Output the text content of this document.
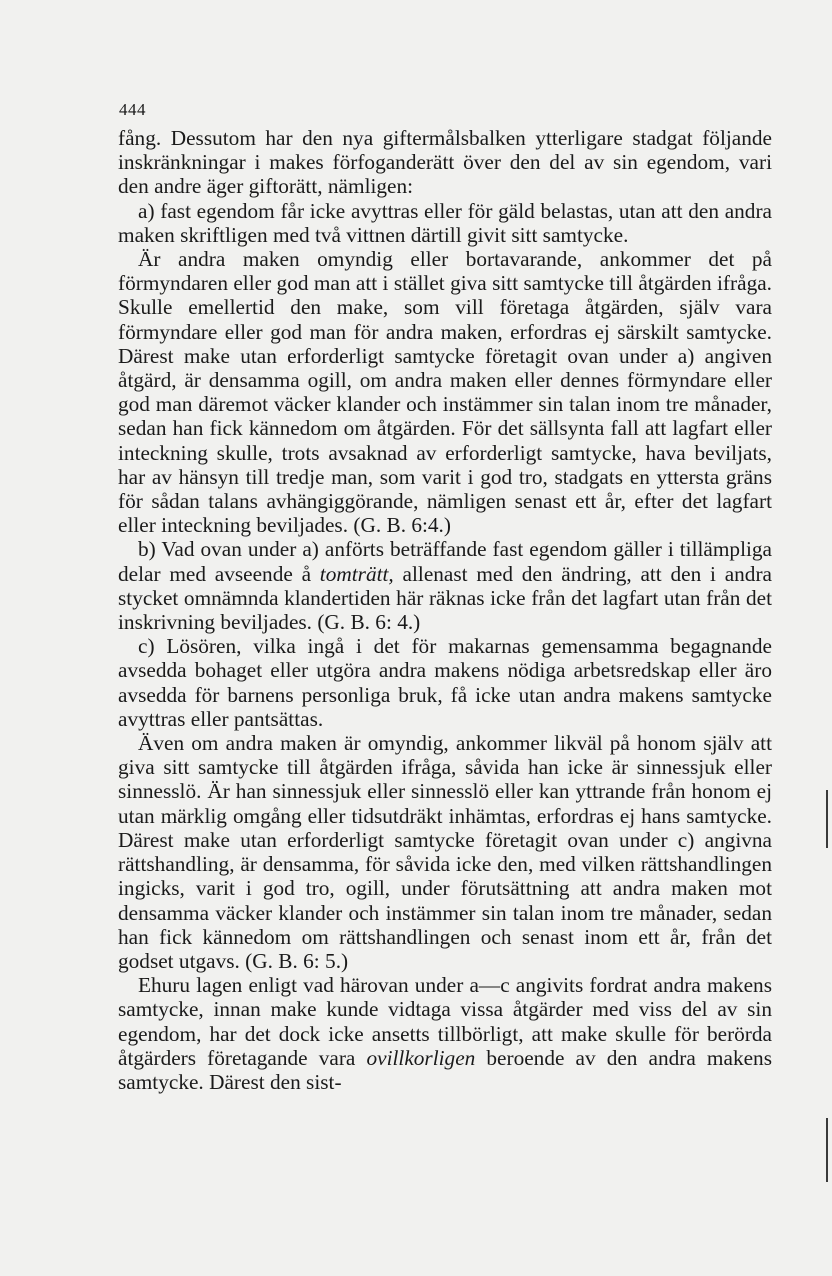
444

fång. Dessutom har den nya giftermålsbalken ytterligare stadgat följande inskränkningar i makes förfoganderätt över den del av sin egendom, vari den andre äger giftorätt, nämligen:

a) fast egendom får icke avyttras eller för gäld belastas, utan att den andra maken skriftligen med två vittnen därtill givit sitt samtycke.

Är andra maken omyndig eller bortavarande, ankommer det på förmyndaren eller god man att i stället giva sitt samtycke till åtgärden ifråga. Skulle emellertid den make, som vill företaga åtgärden, själv vara förmyndare eller god man för andra maken, erfordras ej särskilt samtycke. Därest make utan erforderligt samtycke företagit ovan under a) angiven åtgärd, är densamma ogill, om andra maken eller dennes förmyndare eller god man däremot väcker klander och instämmer sin talan inom tre månader, sedan han fick kännedom om åtgärden. För det sällsynta fall att lagfart eller inteckning skulle, trots avsaknad av erforderligt samtycke, hava beviljats, har av hänsyn till tredje man, som varit i god tro, stadgats en yttersta gräns för sådan talans avhängiggörande, nämligen senast ett år, efter det lagfart eller inteckning beviljades. (G. B. 6:4.)

b) Vad ovan under a) anförts beträffande fast egendom gäller i tillämpliga delar med avseende å tomträtt, allenast med den ändring, att den i andra stycket omnämnda klandertiden här räknas icke från det lagfart utan från det inskrivning beviljades. (G. B. 6: 4.)

c) Lösören, vilka ingå i det för makarnas gemensamma begagnande avsedda bohaget eller utgöra andra makens nödiga arbetsredskap eller äro avsedda för barnens personliga bruk, få icke utan andra makens samtycke avyttras eller pantsättas.

Även om andra maken är omyndig, ankommer likväl på honom själv att giva sitt samtycke till åtgärden ifråga, såvida han icke är sinnessjuk eller sinnesslö. Är han sinnessjuk eller sinnesslö eller kan yttrande från honom ej utan märklig omgång eller tidsutdräkt inhämtas, erfordras ej hans samtycke. Därest make utan erforderligt samtycke företagit ovan under c) angivna rättshandling, är densamma, för såvida icke den, med vilken rättshandlingen ingicks, varit i god tro, ogill, under förutsättning att andra maken mot densamma väcker klander och instämmer sin talan inom tre månader, sedan han fick kännedom om rättshandlingen och senast inom ett år, från det godset utgavs. (G. B. 6: 5.)

Ehuru lagen enligt vad härovan under a—c angivits fordrat andra makens samtycke, innan make kunde vidtaga vissa åtgärder med viss del av sin egendom, har det dock icke ansetts tillbörligt, att make skulle för berörda åtgärders företagande vara ovillkorligen beroende av den andra makens samtycke. Därest den sist-
